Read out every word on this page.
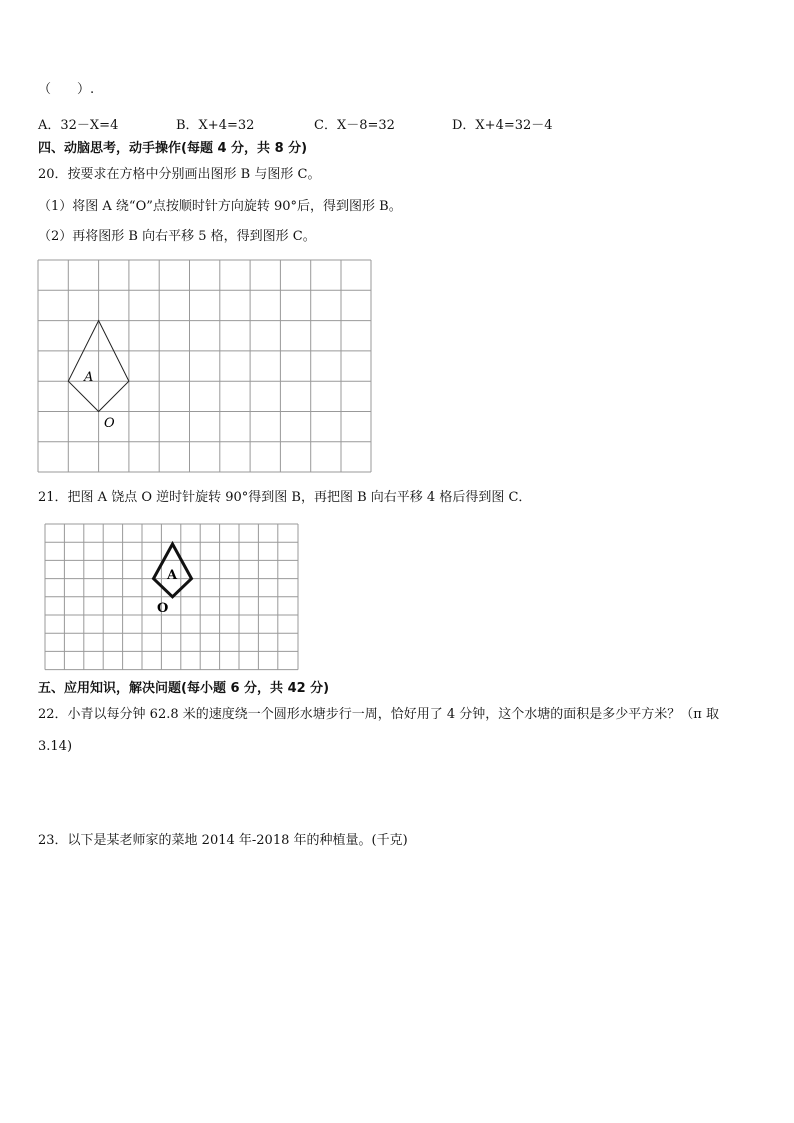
（　　）.
A．32－X=4	B．X+4=32	C．X－8=32	D．X+4=32－4
四、动脑思考，动手操作(每题 4 分，共 8 分)
20．按要求在方格中分别画出图形 B 与图形 C。
（1）将图 A 绕“O”点按顺时针方向旋转 90°后，得到图形 B。
（2）再将图形 B 向右平移 5 格，得到图形 C。
A
O
21．把图 A 饶点 O 逆时针旋转 90°得到图 B，再把图 B 向右平移 4 格后得到图 C．
A
O
五、应用知识，解决问题(每小题 6 分，共 42 分)
22．小青以每分钟 62.8 米的速度绕一个圆形水塘步行一周，恰好用了 4 分钟，这个水塘的面积是多少平方米？（π 取
3.14)
23．以下是某老师家的菜地 2014 年-2018 年的种植量。(千克)
